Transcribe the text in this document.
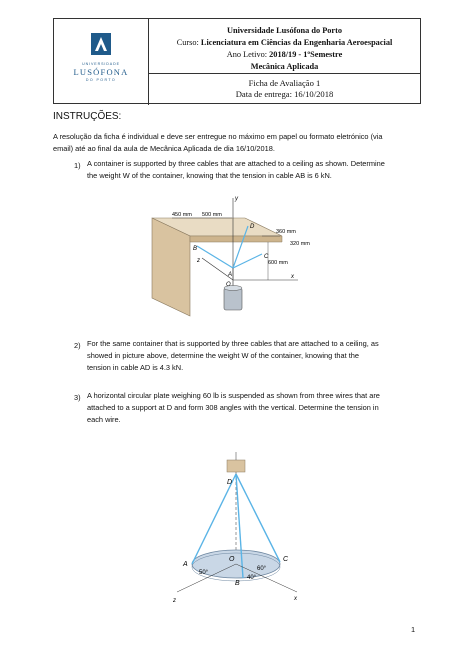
UNIVERSIDADE
LUSÓFONA
DO PORTO
Universidade Lusófona do Porto
Curso: Licenciatura em Ciências da Engenharia Aeroespacial
Ano Letivo: 2018/19 - 1ºSemestre
Mecânica Aplicada
Ficha de Avaliação 1
Data de entrega: 16/10/2018
INSTRUÇÕES:
A resolução da ficha é individual e deve ser entregue no máximo em papel ou formato eletrónico (via
email) até ao final da aula de Mecânica Aplicada de dia 16/10/2018.
1) A container is supported by three cables that are attached to a ceiling as shown. Determine
the weight W of the container, knowing that the tension in cable AB is 6 kN.
450 mm 500 mm
360 mm
320 mm
600 mm
y
x
z
A
B
C
D
O
2) For the same container that is supported by three cables that are attached to a ceiling, as
showed in picture above, determine the weight W of the container, knowing that the
tension in cable AD is 4.3 kN.
3) A horizontal circular plate weighing 60 lb is suspended as shown from three wires that are
attached to a support at D and form 308 angles with the vertical. Determine the tension in
each wire.
D
A
B
C
O
x
z
50°
60°
40°
1
